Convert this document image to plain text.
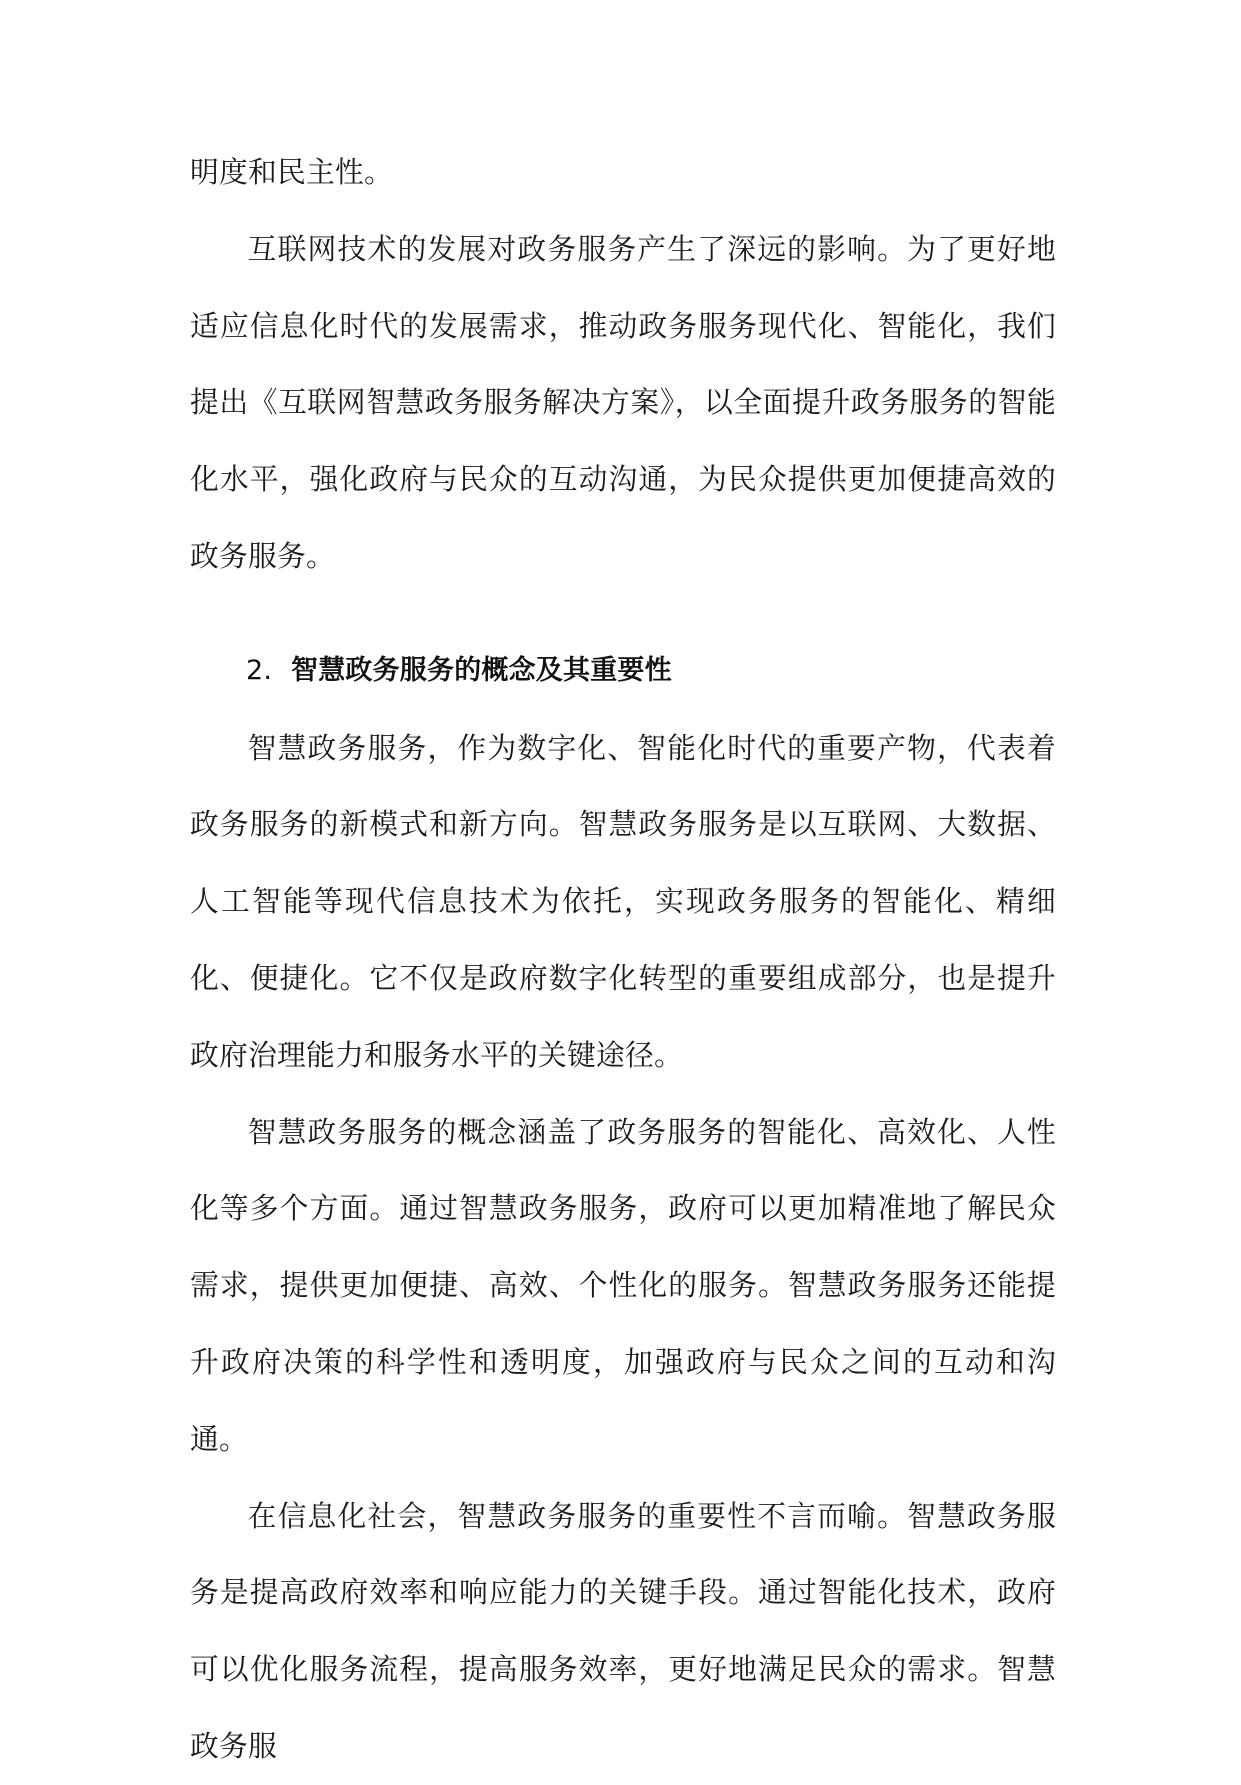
明度和民主性。

互联网技术的发展对政务服务产生了深远的影响。为了更好地适应信息化时代的发展需求，推动政务服务现代化、智能化，我们提出《互联网智慧政务服务解决方案》，以全面提升政务服务的智能化水平，强化政府与民众的互动沟通，为民众提供更加便捷高效的政务服务。

2. 智慧政务服务的概念及其重要性

智慧政务服务，作为数字化、智能化时代的重要产物，代表着政务服务的新模式和新方向。智慧政务服务是以互联网、大数据、人工智能等现代信息技术为依托，实现政务服务的智能化、精细化、便捷化。它不仅是政府数字化转型的重要组成部分，也是提升政府治理能力和服务水平的关键途径。

智慧政务服务的概念涵盖了政务服务的智能化、高效化、人性化等多个方面。通过智慧政务服务，政府可以更加精准地了解民众需求，提供更加便捷、高效、个性化的服务。智慧政务服务还能提升政府决策的科学性和透明度，加强政府与民众之间的互动和沟通。

在信息化社会，智慧政务服务的重要性不言而喻。智慧政务服务是提高政府效率和响应能力的关键手段。通过智能化技术，政府可以优化服务流程，提高服务效率，更好地满足民众的需求。智慧政务服
